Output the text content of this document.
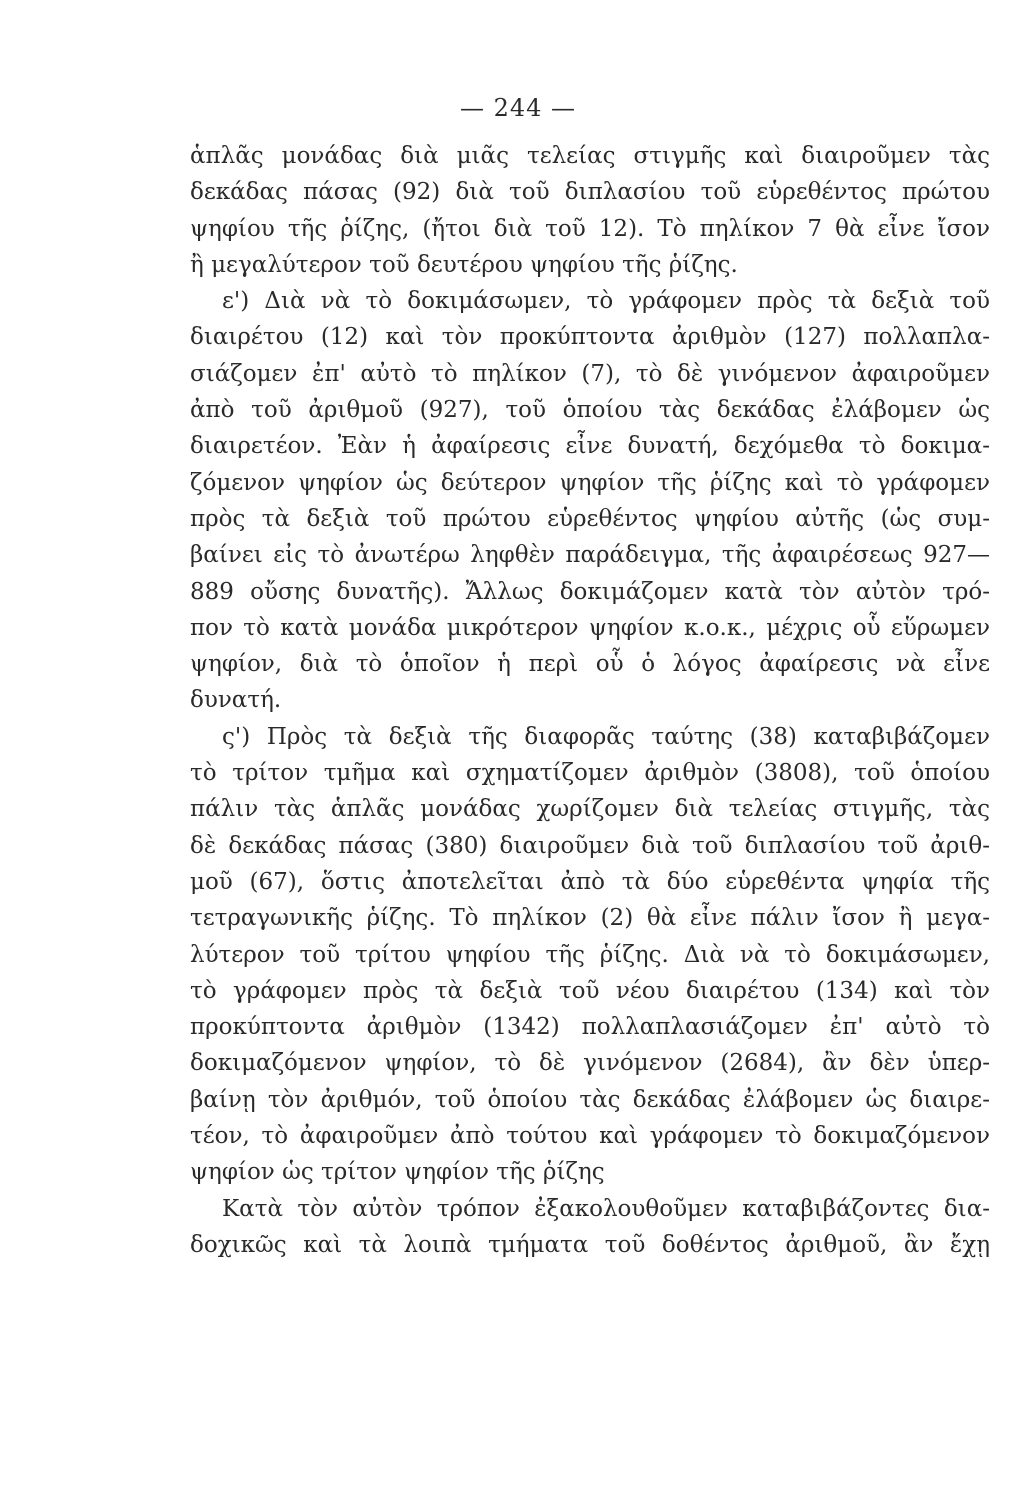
— 244 —
ἁπλᾶς μονάδας διὰ μιᾶς τελείας στιγμῆς καὶ διαιροῦμεν τὰς
δεκάδας πάσας (92) διὰ τοῦ διπλασίου τοῦ εὑρεθέντος πρώτου
ψηφίου τῆς ῥίζης, (ἤτοι διὰ τοῦ 12). Τὸ πηλίκον 7 θὰ εἶνε ἴσον
ἢ μεγαλύτερον τοῦ δευτέρου ψηφίου τῆς ῥίζης.
ε') Διὰ νὰ τὸ δοκιμάσωμεν, τὸ γράφομεν πρὸς τὰ δεξιὰ τοῦ
διαιρέτου (12) καὶ τὸν προκύπτοντα ἀριθμὸν (127) πολλαπλα-
σιάζομεν ἐπ' αὐτὸ τὸ πηλίκον (7), τὸ δὲ γινόμενον ἀφαιροῦμεν
ἀπὸ τοῦ ἀριθμοῦ (927), τοῦ ὁποίου τὰς δεκάδας ἐλάβομεν ὡς
διαιρετέον. Ἐὰν ἡ ἀφαίρεσις εἶνε δυνατή, δεχόμεθα τὸ δοκιμα-
ζόμενον ψηφίον ὡς δεύτερον ψηφίον τῆς ῥίζης καὶ τὸ γράφομεν
πρὸς τὰ δεξιὰ τοῦ πρώτου εὑρεθέντος ψηφίου αὐτῆς (ὡς συμ-
βαίνει εἰς τὸ ἀνωτέρω ληφθὲν παράδειγμα, τῆς ἀφαιρέσεως 927—
889 οὔσης δυνατῆς). Ἄλλως δοκιμάζομεν κατὰ τὸν αὐτὸν τρό-
πον τὸ κατὰ μονάδα μικρότερον ψηφίον κ.ο.κ., μέχρις οὗ εὕρωμεν
ψηφίον, διὰ τὸ ὁποῖον ἡ περὶ οὗ ὁ λόγος ἀφαίρεσις νὰ εἶνε
δυνατή.
ς') Πρὸς τὰ δεξιὰ τῆς διαφορᾶς ταύτης (38) καταβιβάζομεν
τὸ τρίτον τμῆμα καὶ σχηματίζομεν ἀριθμὸν (3808), τοῦ ὁποίου
πάλιν τὰς ἁπλᾶς μονάδας χωρίζομεν διὰ τελείας στιγμῆς, τὰς
δὲ δεκάδας πάσας (380) διαιροῦμεν διὰ τοῦ διπλασίου τοῦ ἀριθ-
μοῦ (67), ὅστις ἀποτελεῖται ἀπὸ τὰ δύο εὑρεθέντα ψηφία τῆς
τετραγωνικῆς ῥίζης. Τὸ πηλίκον (2) θὰ εἶνε πάλιν ἴσον ἢ μεγα-
λύτερον τοῦ τρίτου ψηφίου τῆς ῥίζης. Διὰ νὰ τὸ δοκιμάσωμεν,
τὸ γράφομεν πρὸς τὰ δεξιὰ τοῦ νέου διαιρέτου (134) καὶ τὸν
προκύπτοντα ἀριθμὸν (1342) πολλαπλασιάζομεν ἐπ' αὐτὸ τὸ
δοκιμαζόμενον ψηφίον, τὸ δὲ γινόμενον (2684), ἂν δὲν ὑπερ-
βαίνῃ τὸν ἀριθμόν, τοῦ ὁποίου τὰς δεκάδας ἐλάβομεν ὡς διαιρε-
τέον, τὸ ἀφαιροῦμεν ἀπὸ τούτου καὶ γράφομεν τὸ δοκιμαζόμενον
ψηφίον ὡς τρίτον ψηφίον τῆς ῥίζης
Κατὰ τὸν αὐτὸν τρόπον ἐξακολουθοῦμεν καταβιβάζοντες δια-
δοχικῶς καὶ τὰ λοιπὰ τμήματα τοῦ δοθέντος ἀριθμοῦ, ἂν ἔχῃ
